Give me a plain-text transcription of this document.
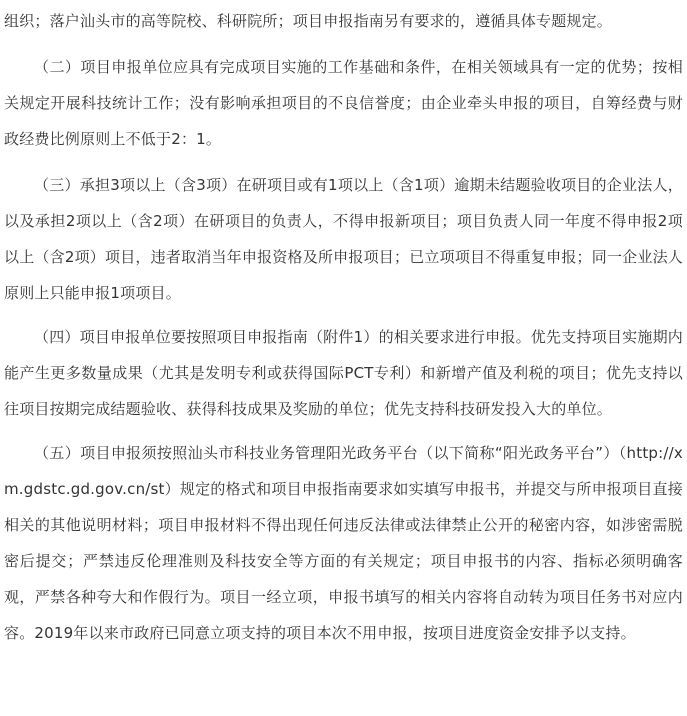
组织；落户汕头市的高等院校、科研院所；项目申报指南另有要求的，遵循具体专题规定。

（二）项目申报单位应具有完成项目实施的工作基础和条件，在相关领域具有一定的优势；按相关规定开展科技统计工作；没有影响承担项目的不良信誉度；由企业牵头申报的项目，自筹经费与财政经费比例原则上不低于2：1。

（三）承担3项以上（含3项）在研项目或有1项以上（含1项）逾期未结题验收项目的企业法人，以及承担2项以上（含2项）在研项目的负责人，不得申报新项目；项目负责人同一年度不得申报2项以上（含2项）项目，违者取消当年申报资格及所申报项目；已立项项目不得重复申报；同一企业法人原则上只能申报1项项目。

（四）项目申报单位要按照项目申报指南（附件1）的相关要求进行申报。优先支持项目实施期内能产生更多数量成果（尤其是发明专利或获得国际PCT专利）和新增产值及利税的项目；优先支持以往项目按期完成结题验收、获得科技成果及奖励的单位；优先支持科技研发投入大的单位。

（五）项目申报须按照汕头市科技业务管理阳光政务平台（以下简称“阳光政务平台”）（http://xm.gdstc.gd.gov.cn/st）规定的格式和项目申报指南要求如实填写申报书，并提交与所申报项目直接相关的其他说明材料；项目申报材料不得出现任何违反法律或法律禁止公开的秘密内容，如涉密需脱密后提交；严禁违反伦理准则及科技安全等方面的有关规定；项目申报书的内容、指标必须明确客观，严禁各种夸大和作假行为。项目一经立项，申报书填写的相关内容将自动转为项目任务书对应内容。2019年以来市政府已同意立项支持的项目本次不用申报，按项目进度资金安排予以支持。
